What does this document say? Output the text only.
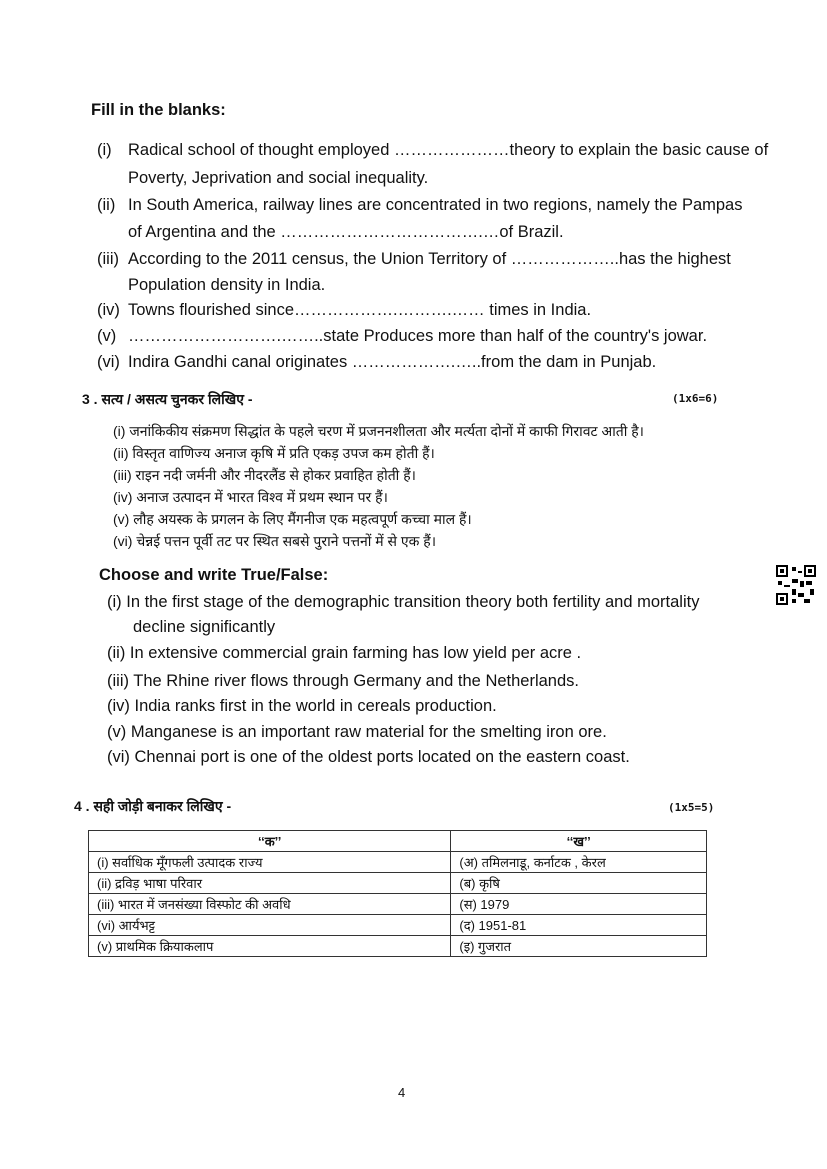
Fill in the blanks:
(i) Radical school of thought employed …………………theory to explain the basic cause of
Poverty, Jeprivation and social inequality.
(ii) In South America, railway lines are concentrated in two regions, namely the Pampas
of Argentina and the ……………………………….…of Brazil.
(iii) According to the 2011 census, the Union Territory of ………………..has the highest
Population density in India.
(iv) Towns flourished since……………….……….…… times in India.
(v) ……………………….……..state Produces more than half of the country's jowar.
(vi) Indira Gandhi canal originates ……………….…..from the dam in Punjab.
3 . सत्य / असत्य चुनकर लिखिए -	(1x6=6)
(i) जनांकिकीय संक्रमण सिद्धांत के पहले चरण में प्रजननशीलता और मर्त्यता दोनों में काफी गिरावट आती है।
(ii) विस्तृत वाणिज्य अनाज कृषि में प्रति एकड़ उपज कम होती हैं।
(iii) राइन नदी जर्मनी और नीदरलैंड से होकर प्रवाहित होती हैं।
(iv) अनाज उत्पादन में भारत विश्व में प्रथम स्थान पर हैं।
(v) लौह अयस्क के प्रगलन के लिए मैंगनीज एक महत्वपूर्ण कच्चा माल हैं।
(vi) चेन्नई पत्तन पूर्वी तट पर स्थित सबसे पुराने पत्तनों में से एक हैं।
Choose and write True/False:
(i) In the first stage of the demographic transition theory both fertility and mortality
decline significantly
(ii) In extensive commercial grain farming has low yield per acre .
(iii) The Rhine river flows through Germany and the Netherlands.
(iv) India ranks first in the world in cereals production.
(v) Manganese is an important raw material for the smelting iron ore.
(vi) Chennai port is one of the oldest ports located on the eastern coast.
4 . सही जोड़ी बनाकर लिखिए -	(1x5=5)
‘‘क’’	‘‘ख’’
(i) सर्वाधिक मूँगफली उत्पादक राज्य	(अ) तमिलनाडू, कर्नाटक , केरल
(ii) द्रविड़ भाषा परिवार	(ब) कृषि
(iii) भारत में जनसंख्या विस्फोट की अवधि	(स) 1979
(vi) आर्यभट्ट	(द) 1951-81
(v) प्राथमिक क्रियाकलाप	(इ) गुजरात
4
